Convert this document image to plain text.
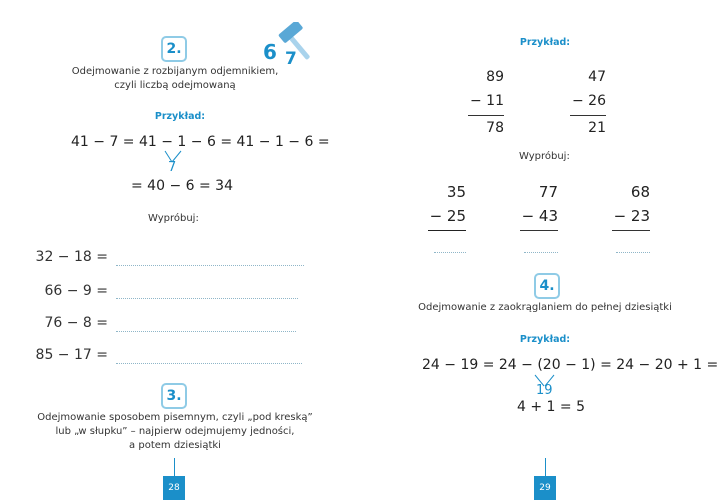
2.	6 7
Odejmowanie z rozbijanym odjemnikiem,
czyli liczbą odejmowaną
Przykład:
41 − 7 = 41 − 1 − 6 = 41 − 1 − 6 =
7
= 40 − 6 = 34
Wypróbuj:
32 − 18 =
66 − 9 =
76 − 8 =
85 − 17 =
3.
Odejmowanie sposobem pisemnym, czyli „pod kreską”
lub „w słupku” – najpierw odejmujemy jedności,
a potem dziesiątki
28
Przykład:
89
− 11
78
47
− 26
21
Wypróbuj:
35
− 25
77
− 43
68
− 23
4.
Odejmowanie z zaokrąglaniem do pełnej dziesiątki
Przykład:
24 − 19 = 24 − (20 − 1) = 24 − 20 + 1 =
19
4 + 1 = 5
29
